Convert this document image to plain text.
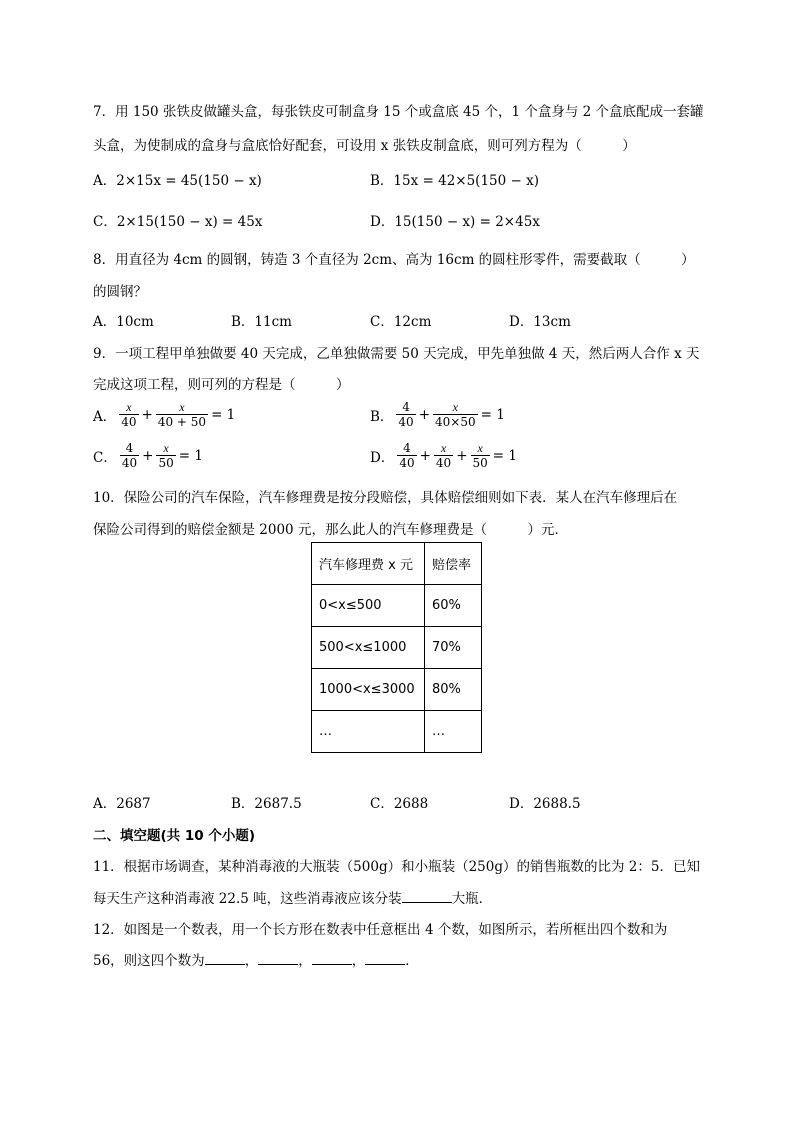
7．用 150 张铁皮做罐头盒，每张铁皮可制盒身 15 个或盒底 45 个，1 个盒身与 2 个盒底配成一套罐
头盒，为使制成的盒身与盒底恰好配套，可设用 x 张铁皮制盒底，则可列方程为（　　　）
A．2×15x = 45(150 − x)	B．15x = 42×5(150 − x)
C．2×15(150 − x) = 45x	D．15(150 − x) = 2×45x
8．用直径为 4cm 的圆钢，铸造 3 个直径为 2cm、高为 16cm 的圆柱形零件，需要截取（　　　）
的圆钢？
A．10cm	B．11cm	C．12cm	D．13cm
9．一项工程甲单独做要 40 天完成，乙单独做需要 50 天完成，甲先单独做 4 天，然后两人合作 x 天
完成这项工程，则可列的方程是（　　　）
A． $\frac{x}{40} + \frac{x}{40 + 50} = 1$	B． $\frac{4}{40} + \frac{x}{40\times 50} = 1$
C． $\frac{4}{40} + \frac{x}{50} = 1$	D． $\frac{4}{40} + \frac{x}{40} + \frac{x}{50} = 1$
10．保险公司的汽车保险，汽车修理费是按分段赔偿，具体赔偿细则如下表．某人在汽车修理后在
保险公司得到的赔偿金额是 2000 元，那么此人的汽车修理费是（　　　）元．
汽车修理费 x 元	赔偿率
0<x≤500	60%
500<x≤1000	70%
1000<x≤3000	80%
…	…
A．2687	B．2687.5	C．2688	D．2688.5
二、填空题(共 10 个小题)
11．根据市场调查，某种消毒液的大瓶装（500g）和小瓶装（250g）的销售瓶数的比为 2：5．已知
每天生产这种消毒液 22.5 吨，这些消毒液应该分装	大瓶．
12．如图是一个数表，用一个长方形在数表中任意框出 4 个数，如图所示，若所框出四个数和为
56，则这四个数为	，	，	，	．
